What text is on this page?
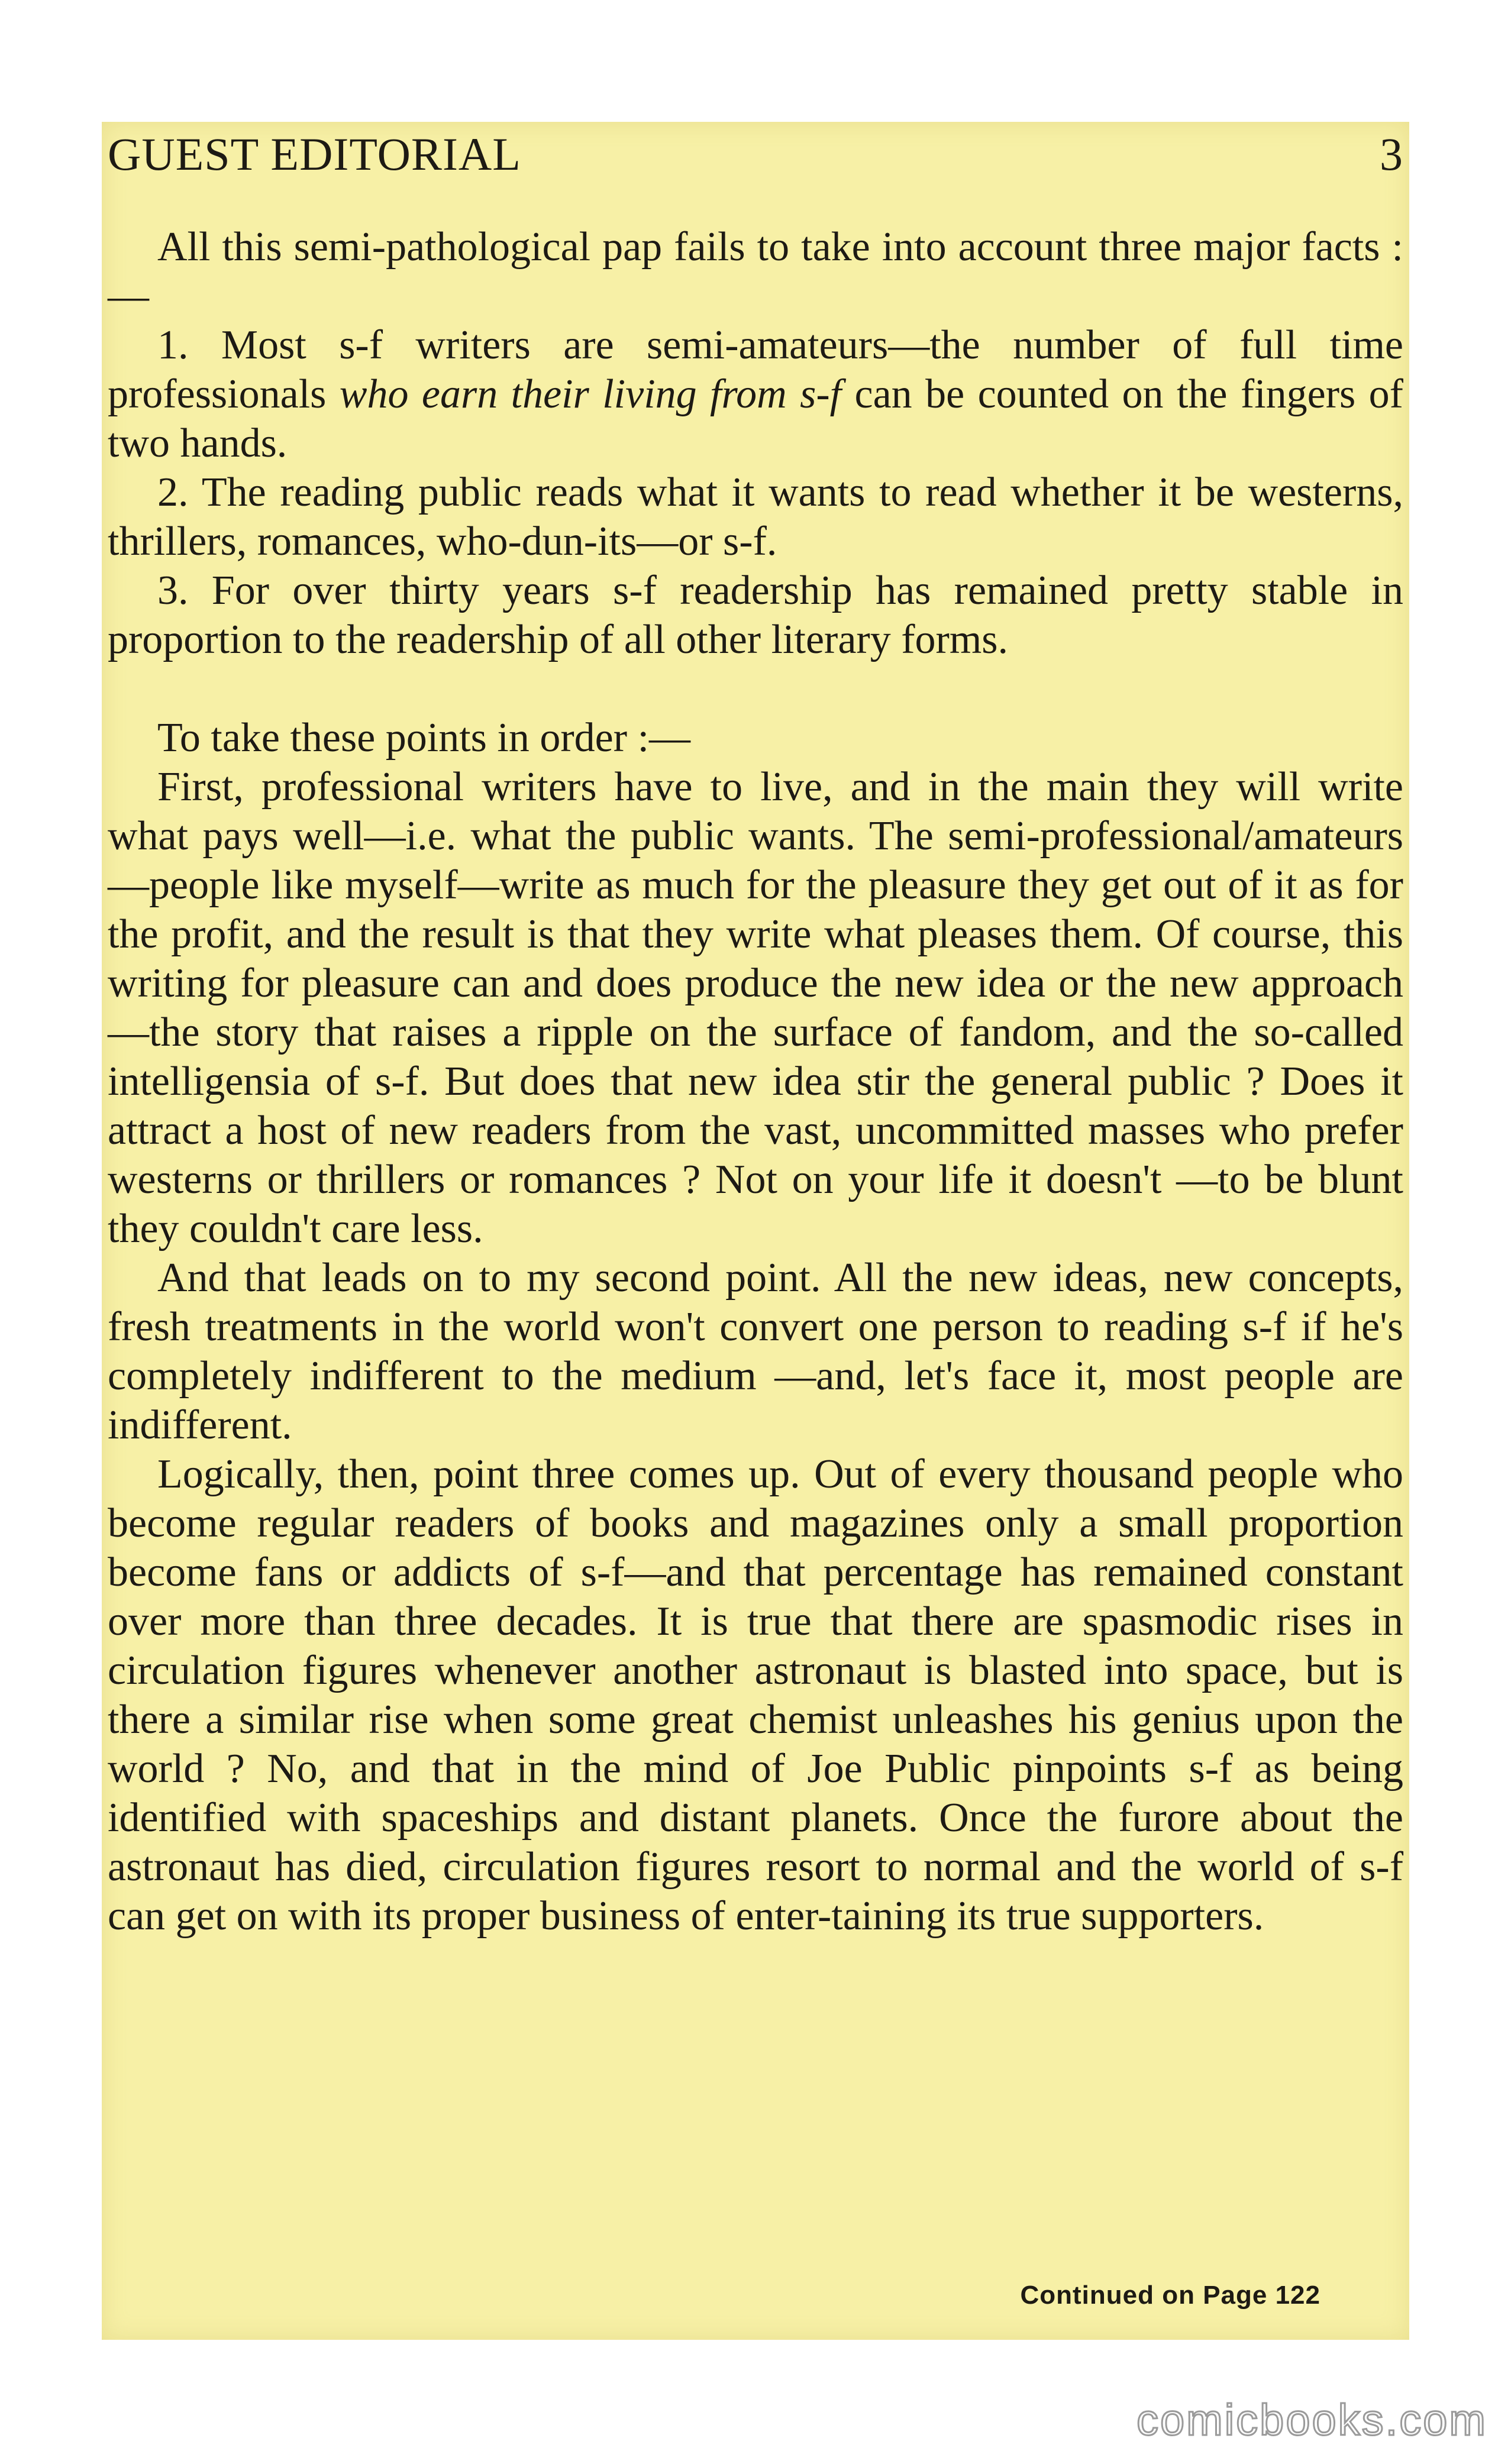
GUEST EDITORIAL	3

All this semi-pathological pap fails to take into account three major facts :—

1. Most s-f writers are semi-amateurs—the number of full time professionals who earn their living from s-f can be counted on the fingers of two hands.

2. The reading public reads what it wants to read whether it be westerns, thrillers, romances, who-dun-its—or s-f.

3. For over thirty years s-f readership has remained pretty stable in proportion to the readership of all other literary forms.

To take these points in order :—

First, professional writers have to live, and in the main they will write what pays well—i.e. what the public wants. The semi-professional/amateurs—people like myself—write as much for the pleasure they get out of it as for the profit, and the result is that they write what pleases them. Of course, this writing for pleasure can and does produce the new idea or the new approach—the story that raises a ripple on the surface of fandom, and the so-called intelligensia of s-f. But does that new idea stir the general public ? Does it attract a host of new readers from the vast, uncommitted masses who prefer westerns or thrillers or romances ? Not on your life it doesn't —to be blunt they couldn't care less.

And that leads on to my second point. All the new ideas, new concepts, fresh treatments in the world won't convert one person to reading s-f if he's completely indifferent to the medium —and, let's face it, most people are indifferent.

Logically, then, point three comes up. Out of every thousand people who become regular readers of books and magazines only a small proportion become fans or addicts of s-f—and that percentage has remained constant over more than three decades. It is true that there are spasmodic rises in circulation figures whenever another astronaut is blasted into space, but is there a similar rise when some great chemist unleashes his genius upon the world ? No, and that in the mind of Joe Public pinpoints s-f as being identified with spaceships and distant planets. Once the furore about the astronaut has died, circulation figures resort to normal and the world of s-f can get on with its proper business of enter-taining its true supporters.

Continued on Page 122
comicbooks.com
